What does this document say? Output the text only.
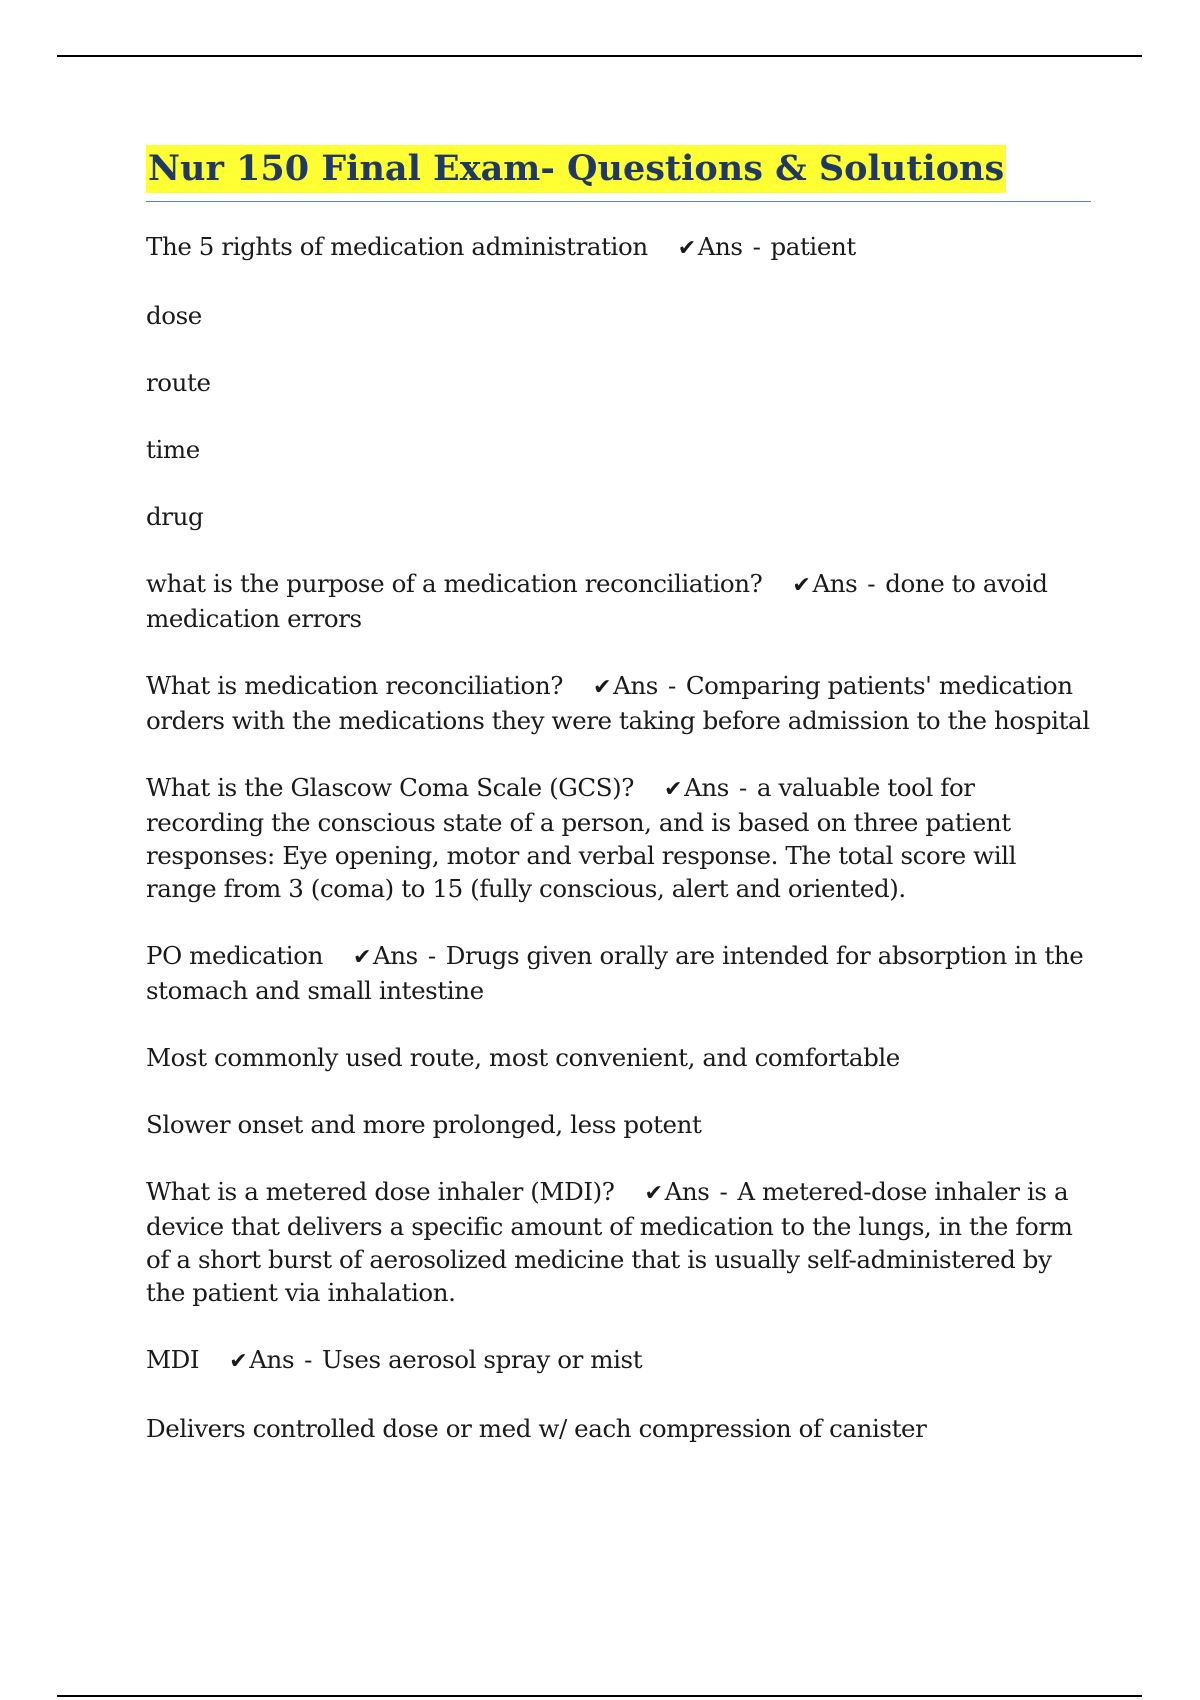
Nur 150 Final Exam- Questions & Solutions

The 5 rights of medication administration ✔Ans - patient

dose

route

time

drug

what is the purpose of a medication reconciliation? ✔Ans - done to avoid medication errors

What is medication reconciliation? ✔Ans - Comparing patients' medication orders with the medications they were taking before admission to the hospital

What is the Glascow Coma Scale (GCS)? ✔Ans - a valuable tool for recording the conscious state of a person, and is based on three patient responses: Eye opening, motor and verbal response. The total score will range from 3 (coma) to 15 (fully conscious, alert and oriented).

PO medication ✔Ans - Drugs given orally are intended for absorption in the stomach and small intestine

Most commonly used route, most convenient, and comfortable

Slower onset and more prolonged, less potent

What is a metered dose inhaler (MDI)? ✔Ans - A metered-dose inhaler is a device that delivers a specific amount of medication to the lungs, in the form of a short burst of aerosolized medicine that is usually self-administered by the patient via inhalation.

MDI ✔Ans - Uses aerosol spray or mist

Delivers controlled dose or med w/ each compression of canister
